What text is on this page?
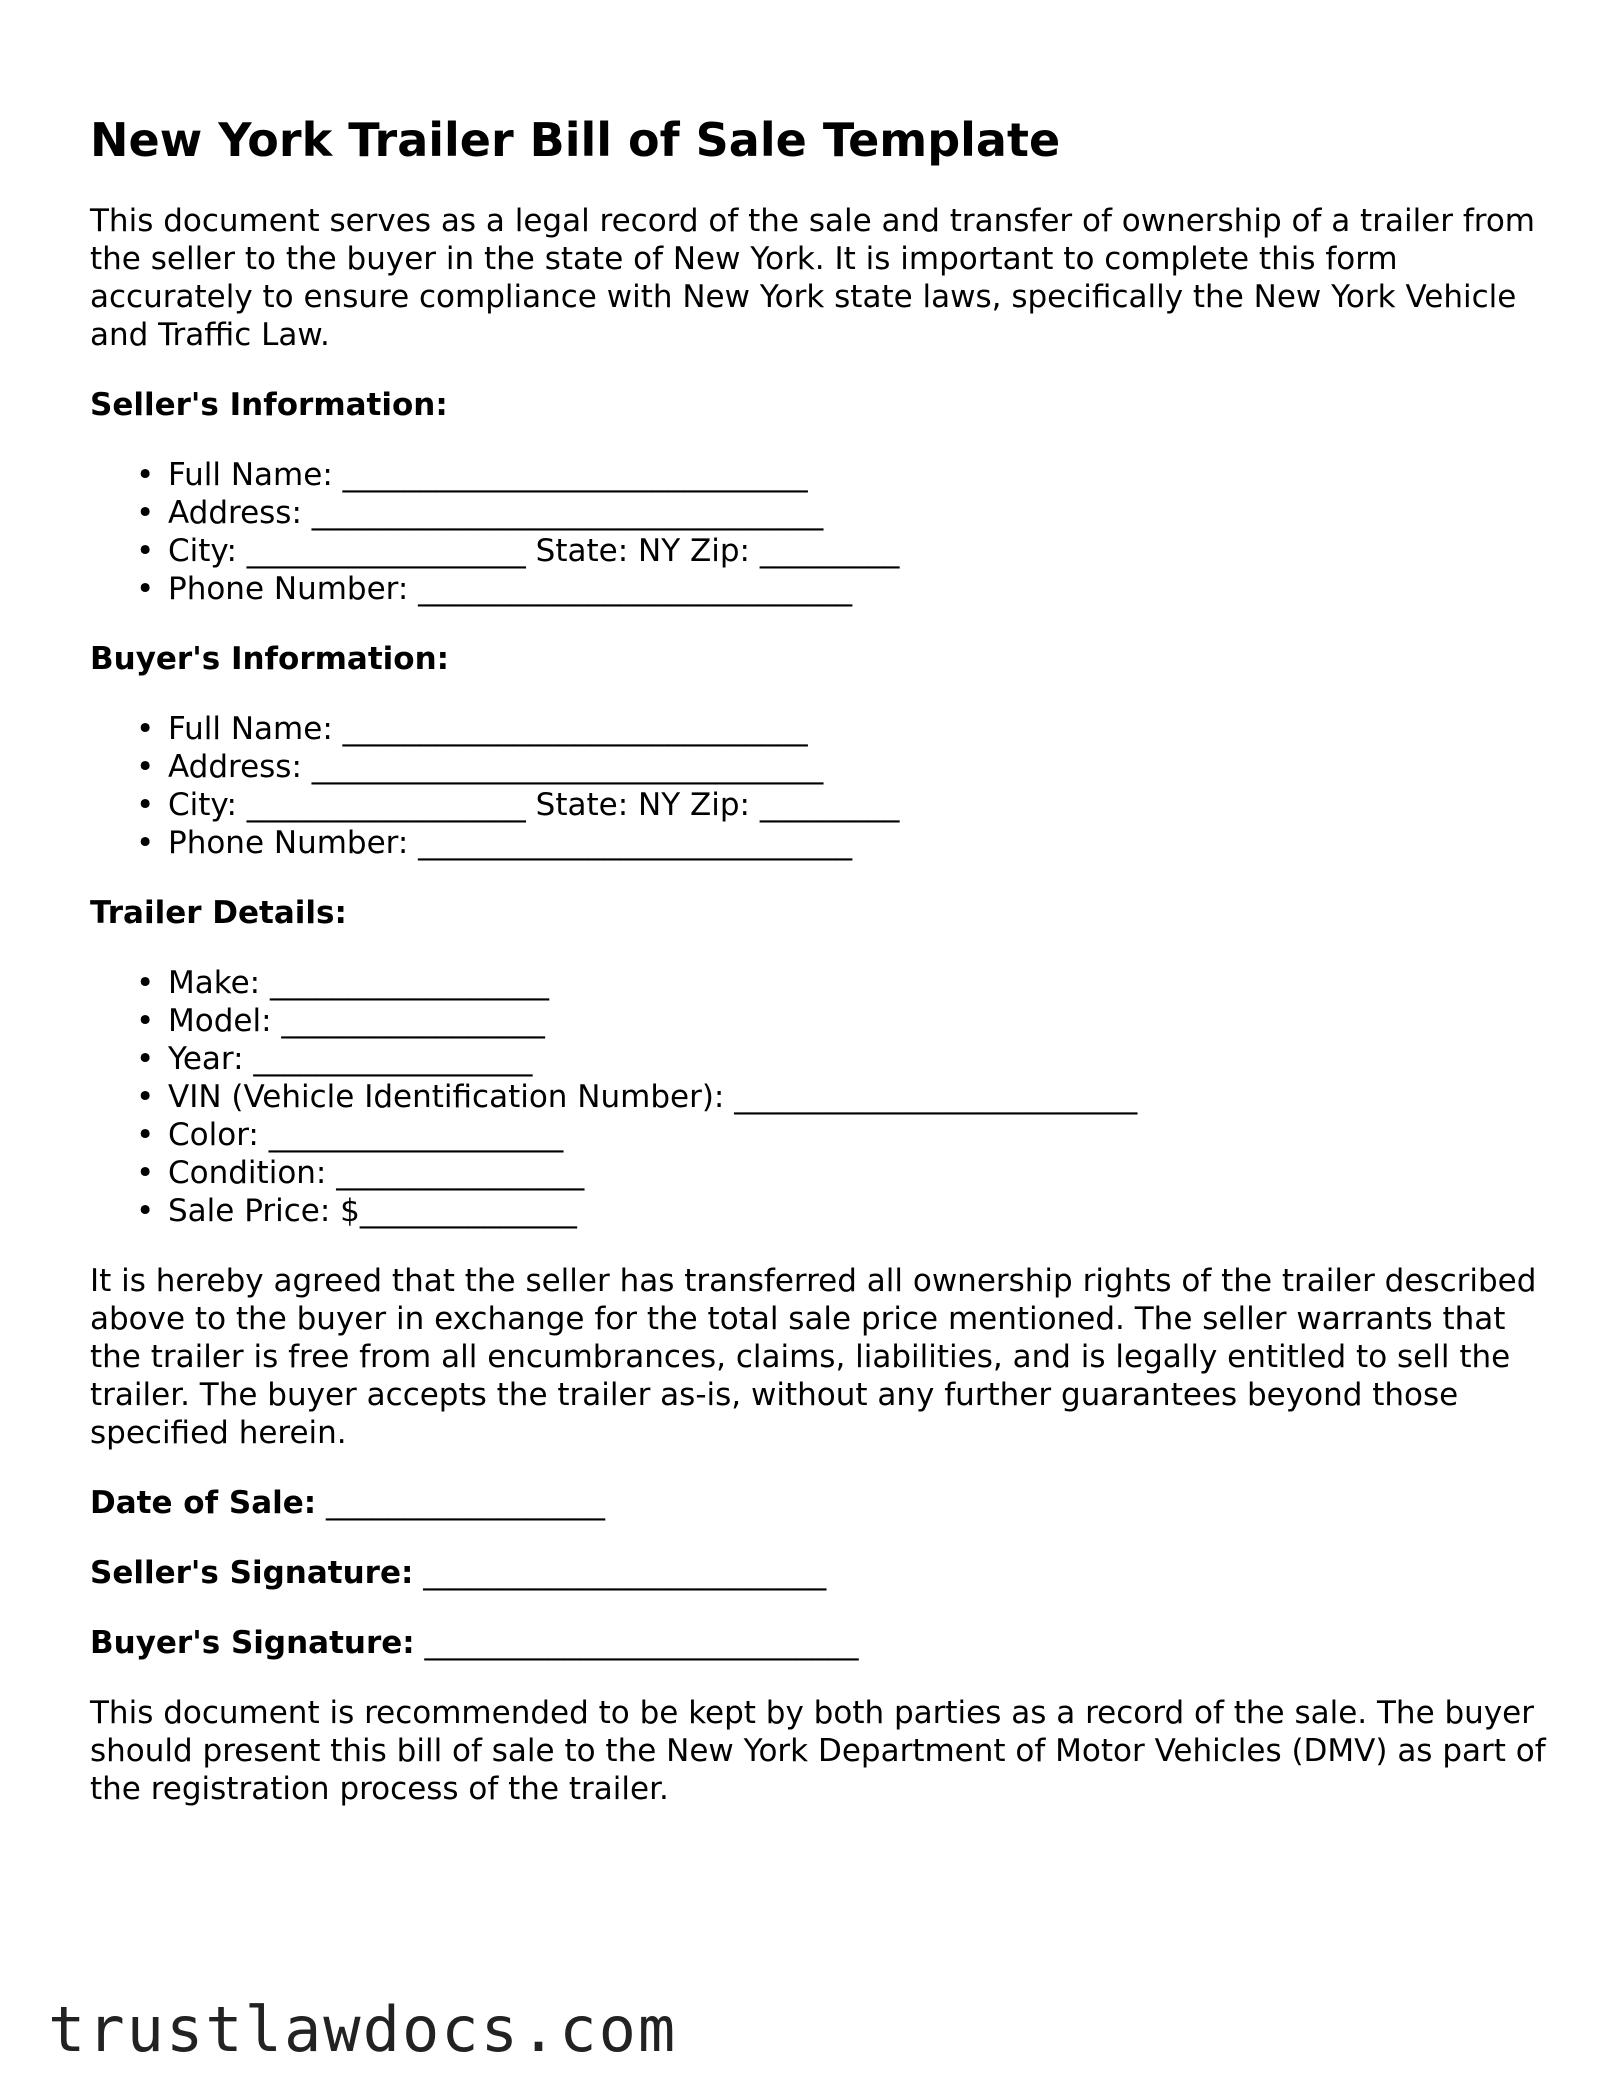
New York Trailer Bill of Sale Template

This document serves as a legal record of the sale and transfer of ownership of a trailer from the seller to the buyer in the state of New York. It is important to complete this form accurately to ensure compliance with New York state laws, specifically the New York Vehicle and Traffic Law.

Seller's Information:
• Full Name: ______________________________
• Address: _________________________________
• City: __________________ State: NY Zip: _________
• Phone Number: ____________________________
Buyer's Information:
• Full Name: ______________________________
• Address: _________________________________
• City: __________________ State: NY Zip: _________
• Phone Number: ____________________________
Trailer Details:
• Make: __________________
• Model: _________________
• Year: __________________
• VIN (Vehicle Identification Number): __________________________
• Color: ___________________
• Condition: ________________
• Sale Price: $______________

It is hereby agreed that the seller has transferred all ownership rights of the trailer described above to the buyer in exchange for the total sale price mentioned. The seller warrants that the trailer is free from all encumbrances, claims, liabilities, and is legally entitled to sell the trailer. The buyer accepts the trailer as-is, without any further guarantees beyond those specified herein.

Date of Sale: __________________
Seller's Signature: __________________________
Buyer's Signature: ____________________________

This document is recommended to be kept by both parties as a record of the sale. The buyer should present this bill of sale to the New York Department of Motor Vehicles (DMV) as part of the registration process of the trailer.

trustlawdocs.com
